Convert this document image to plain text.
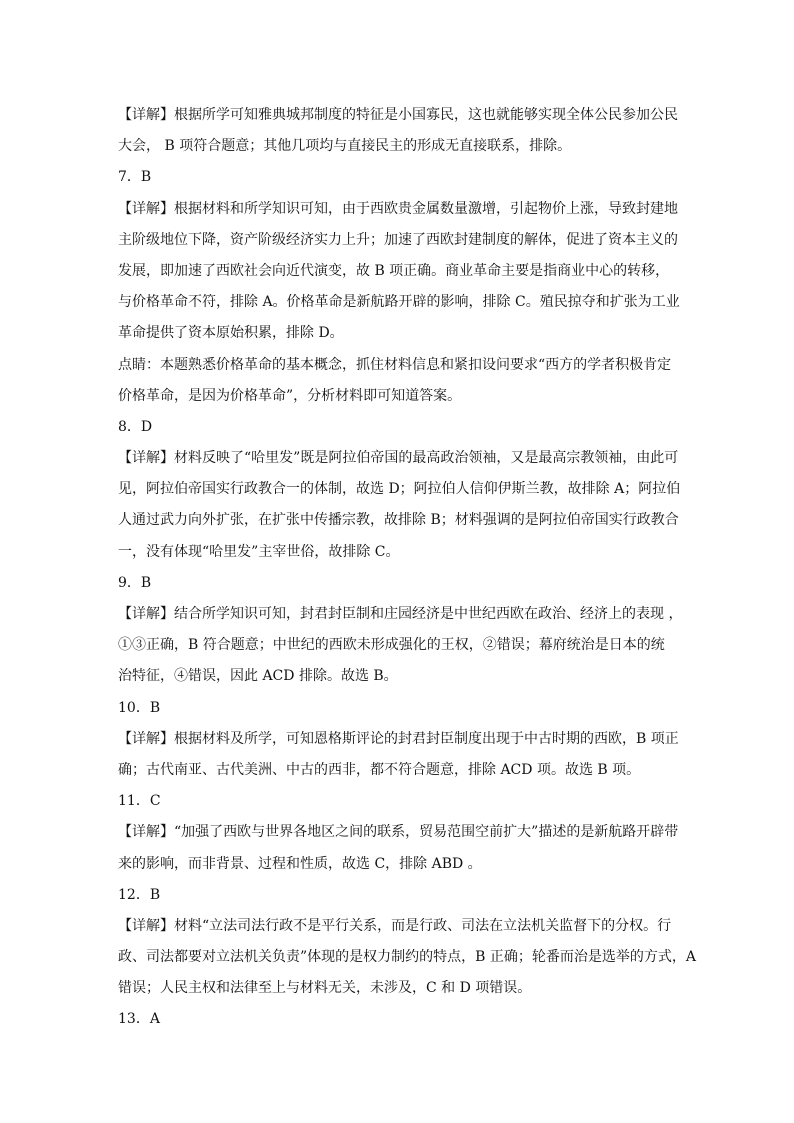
【详解】根据所学可知雅典城邦制度的特征是小国寡民，这也就能够实现全体公民参加公民
大会， B 项符合题意；其他几项均与直接民主的形成无直接联系，排除。
7．B
【详解】根据材料和所学知识可知，由于西欧贵金属数量激增，引起物价上涨，导致封建地
主阶级地位下降，资产阶级经济实力上升；加速了西欧封建制度的解体，促进了资本主义的
发展，即加速了西欧社会向近代演变，故 B 项正确。商业革命主要是指商业中心的转移，
与价格革命不符，排除 A。价格革命是新航路开辟的影响，排除 C。殖民掠夺和扩张为工业
革命提供了资本原始积累，排除 D。
点睛：本题熟悉价格革命的基本概念，抓住材料信息和紧扣设问要求“西方的学者积极肯定
价格革命，是因为价格革命”，分析材料即可知道答案。
8．D
【详解】材料反映了“哈里发”既是阿拉伯帝国的最高政治领袖，又是最高宗教领袖，由此可
见，阿拉伯帝国实行政教合一的体制，故选 D；阿拉伯人信仰伊斯兰教，故排除 A；阿拉伯
人通过武力向外扩张，在扩张中传播宗教，故排除 B；材料强调的是阿拉伯帝国实行政教合
一，没有体现“哈里发”主宰世俗，故排除 C。
9．B
【详解】结合所学知识可知，封君封臣制和庄园经济是中世纪西欧在政治、经济上的表现 ，
①③正确，B 符合题意；中世纪的西欧未形成强化的王权，②错误；幕府统治是日本的统
治特征，④错误，因此 ACD 排除。故选 B。
10．B
【详解】根据材料及所学，可知恩格斯评论的封君封臣制度出现于中古时期的西欧，B 项正
确；古代南亚、古代美洲、中古的西非，都不符合题意，排除 ACD 项。故选 B 项。
11．C
【详解】“加强了西欧与世界各地区之间的联系，贸易范围空前扩大”描述的是新航路开辟带
来的影响，而非背景、过程和性质，故选 C，排除 ABD 。
12．B
【详解】材料“立法司法行政不是平行关系，而是行政、司法在立法机关监督下的分权。行
政、司法都要对立法机关负责”体现的是权力制约的特点，B 正确；轮番而治是选举的方式，A
错误；人民主权和法律至上与材料无关，未涉及，C 和 D 项错误。
13．A
